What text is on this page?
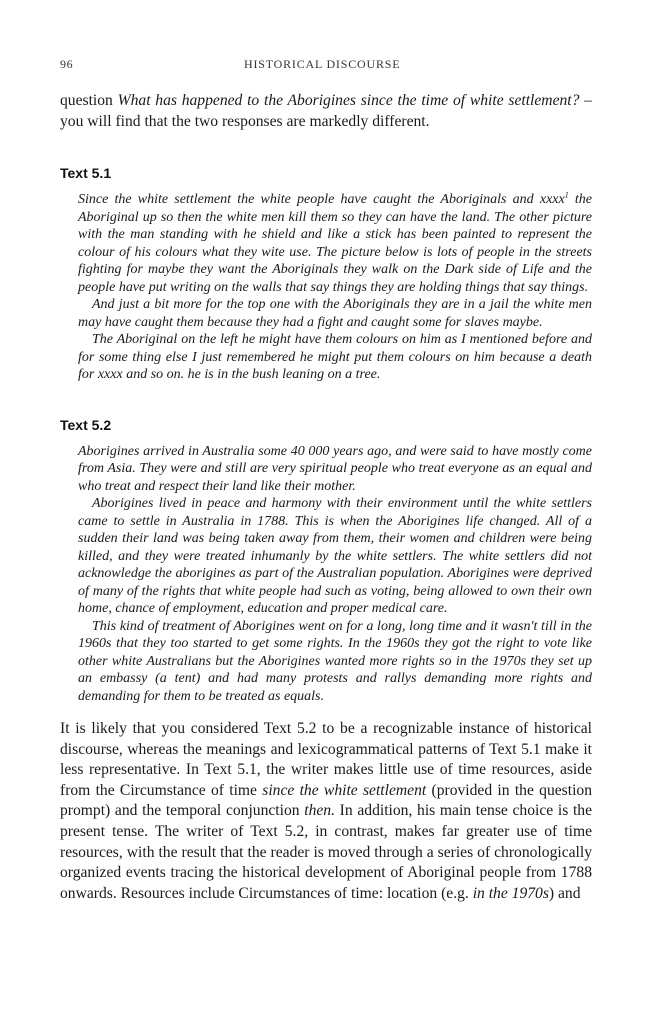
96	HISTORICAL DISCOURSE

question What has happened to the Aborigines since the time of white settlement? – you will find that the two responses are markedly different.

Text 5.1

Since the white settlement the white people have caught the Aboriginals and xxxx$^1$ the Aboriginal up so then the white men kill them so they can have the land. The other picture with the man standing with he shield and like a stick has been painted to represent the colour of his colours what they wite use. The picture below is lots of people in the streets fighting for maybe they want the Aboriginals they walk on the Dark side of Life and the people have put writing on the walls that say things they are holding things that say things.

And just a bit more for the top one with the Aboriginals they are in a jail the white men may have caught them because they had a fight and caught some for slaves maybe.

The Aboriginal on the left he might have them colours on him as I mentioned before and for some thing else I just remembered he might put them colours on him because a death for xxxx and so on. he is in the bush leaning on a tree.

Text 5.2

Aborigines arrived in Australia some 40 000 years ago, and were said to have mostly come from Asia. They were and still are very spiritual people who treat everyone as an equal and who treat and respect their land like their mother.

Aborigines lived in peace and harmony with their environment until the white settlers came to settle in Australia in 1788. This is when the Aborigines life changed. All of a sudden their land was being taken away from them, their women and children were being killed, and they were treated inhumanly by the white settlers. The white settlers did not acknowledge the aborigines as part of the Australian population. Aborigines were deprived of many of the rights that white people had such as voting, being allowed to own their own home, chance of employment, education and proper medical care.

This kind of treatment of Aborigines went on for a long, long time and it wasn't till in the 1960s that they too started to get some rights. In the 1960s they got the right to vote like other white Australians but the Aborigines wanted more rights so in the 1970s they set up an embassy (a tent) and had many protests and rallys demanding more rights and demanding for them to be treated as equals.

It is likely that you considered Text 5.2 to be a recognizable instance of historical discourse, whereas the meanings and lexicogrammatical patterns of Text 5.1 make it less representative. In Text 5.1, the writer makes little use of time resources, aside from the Circumstance of time since the white settlement (provided in the question prompt) and the temporal conjunction then. In addition, his main tense choice is the present tense. The writer of Text 5.2, in contrast, makes far greater use of time resources, with the result that the reader is moved through a series of chronologically organized events tracing the historical development of Aboriginal people from 1788 onwards. Resources include Circumstances of time: location (e.g. in the 1970s) and
